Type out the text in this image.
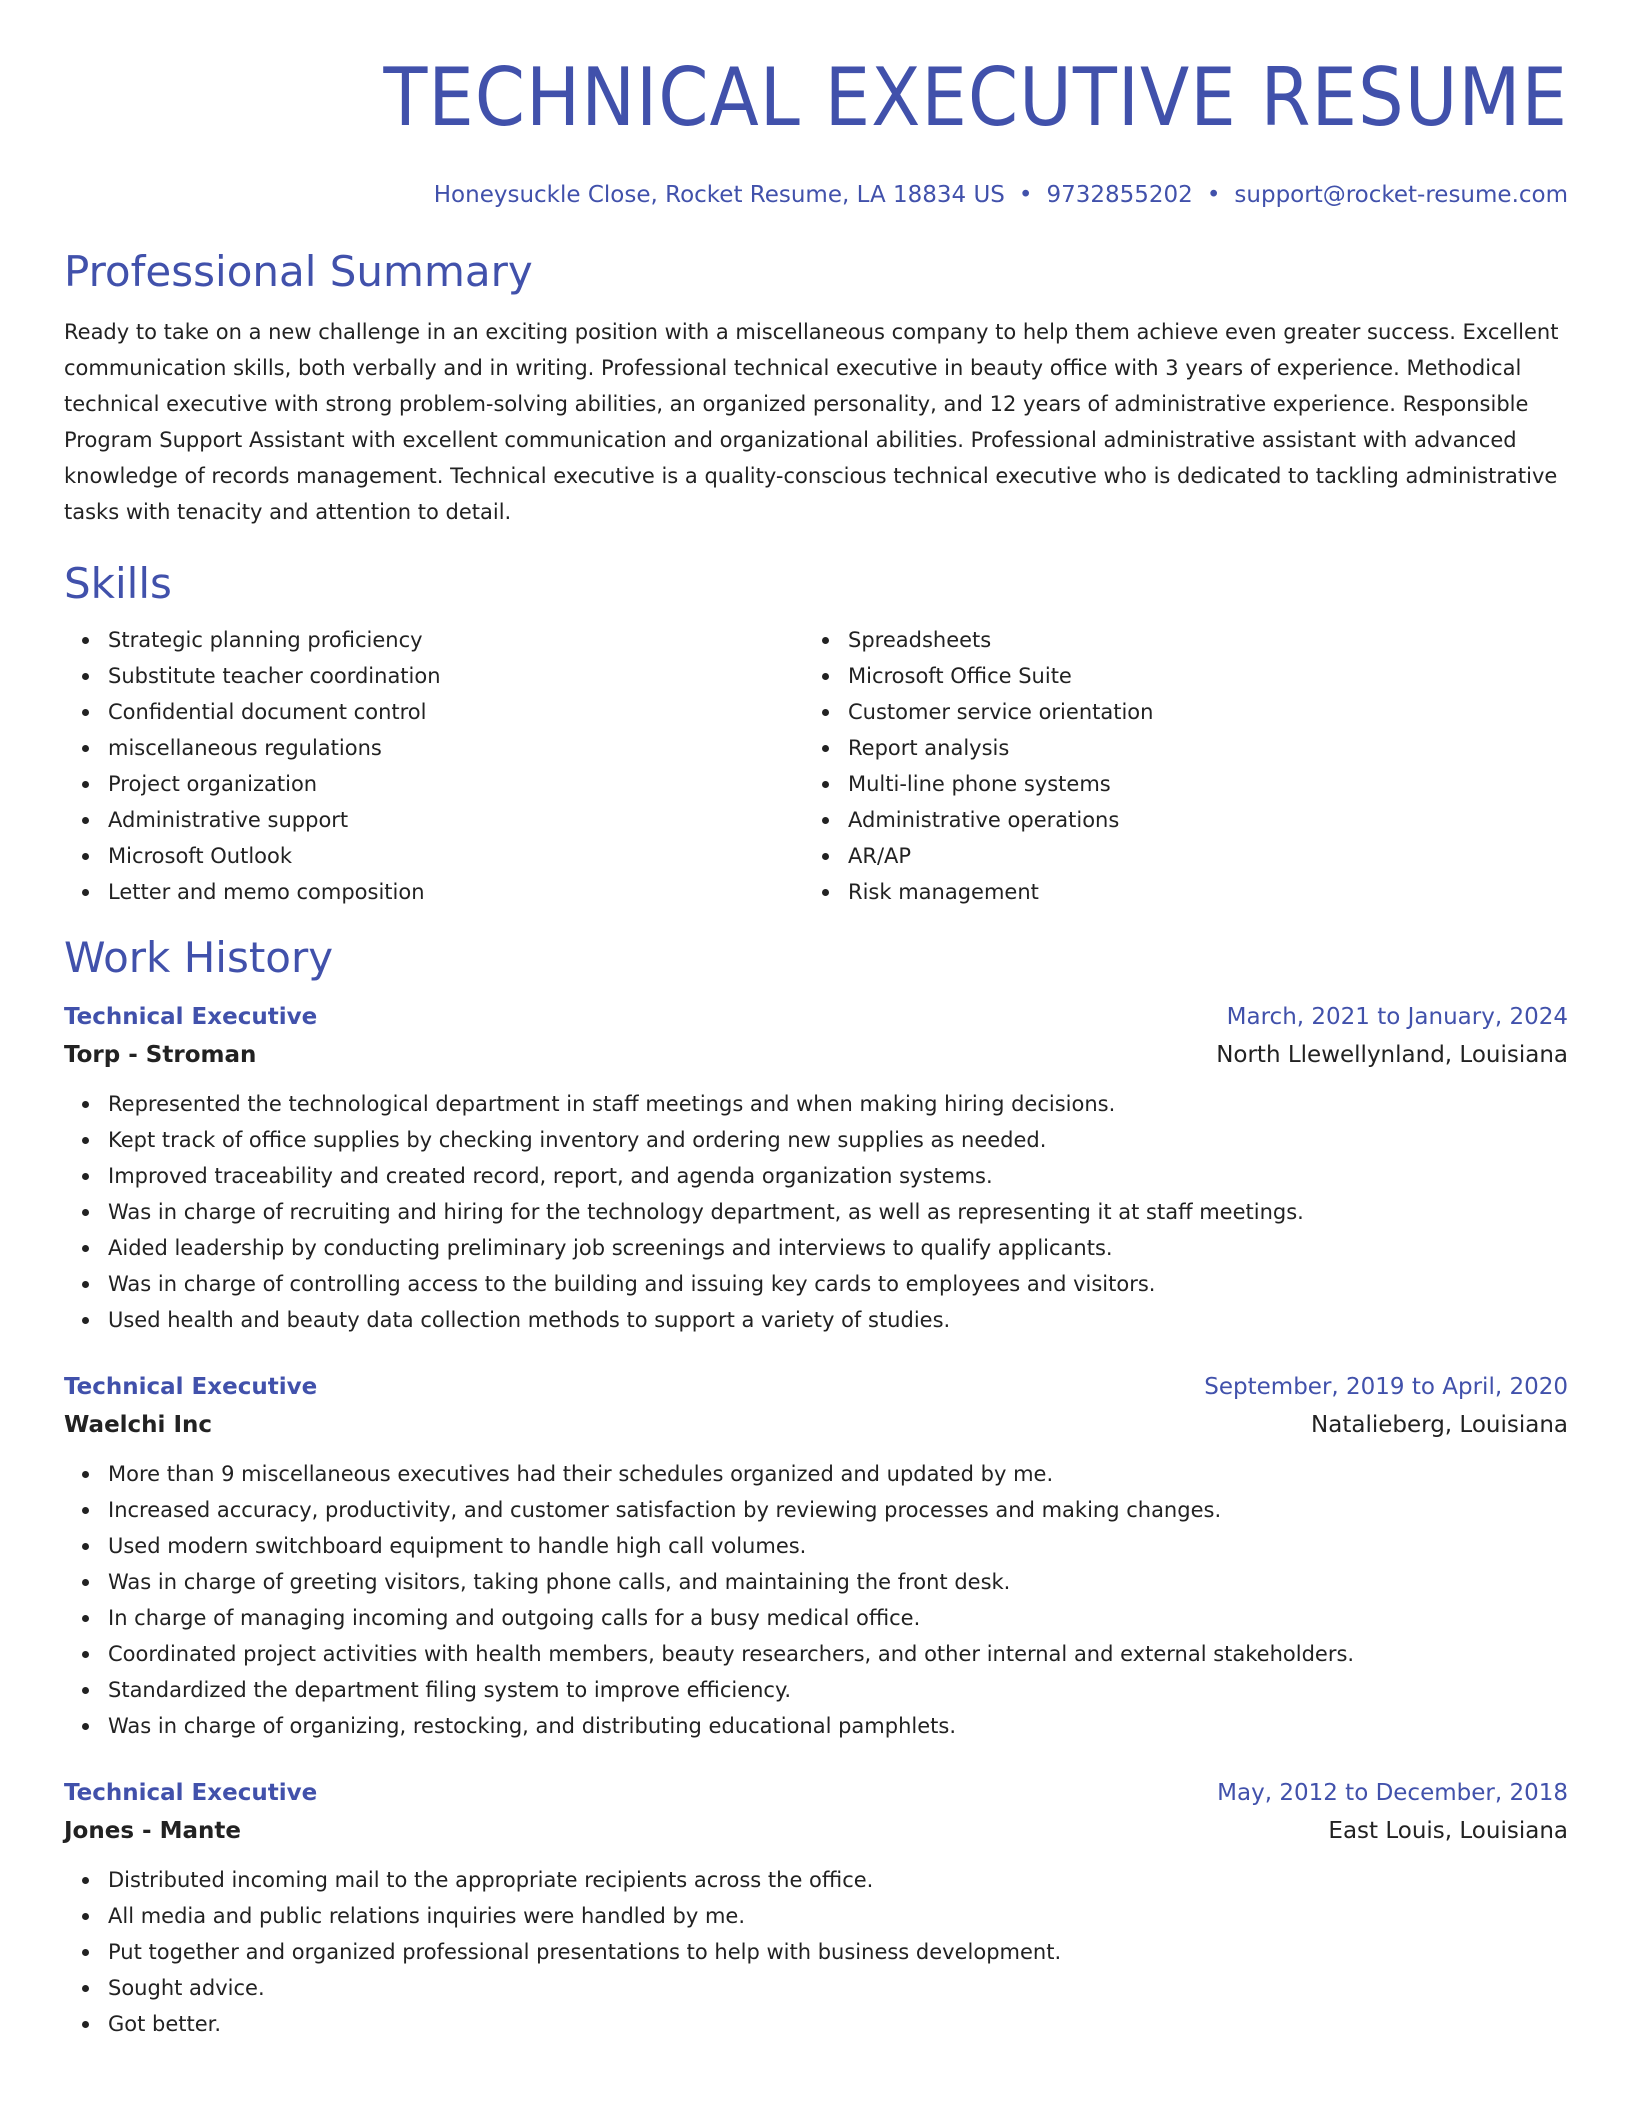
TECHNICAL EXECUTIVE RESUME
Honeysuckle Close, Rocket Resume, LA 18834 US • 9732855202 • support@rocket-resume.com
Professional Summary

Ready to take on a new challenge in an exciting position with a miscellaneous company to help them achieve even greater success. Excellent communication skills, both verbally and in writing. Professional technical executive in beauty office with 3 years of experience. Methodical technical executive with strong problem-solving abilities, an organized personality, and 12 years of administrative experience. Responsible Program Support Assistant with excellent communication and organizational abilities. Professional administrative assistant with advanced knowledge of records management. Technical executive is a quality-conscious technical executive who is dedicated to tackling administrative tasks with tenacity and attention to detail.

Skills
Strategic planning proficiency
Substitute teacher coordination
Confidential document control
miscellaneous regulations
Project organization
Administrative support
Microsoft Outlook
Letter and memo composition
Spreadsheets
Microsoft Office Suite
Customer service orientation
Report analysis
Multi-line phone systems
Administrative operations
AR/AP
Risk management
Work History
Technical Executive	March, 2021 to January, 2024
Torp - Stroman	North Llewellynland, Louisiana
Represented the technological department in staff meetings and when making hiring decisions.
Kept track of office supplies by checking inventory and ordering new supplies as needed.
Improved traceability and created record, report, and agenda organization systems.
Was in charge of recruiting and hiring for the technology department, as well as representing it at staff meetings.
Aided leadership by conducting preliminary job screenings and interviews to qualify applicants.
Was in charge of controlling access to the building and issuing key cards to employees and visitors.
Used health and beauty data collection methods to support a variety of studies.
Technical Executive	September, 2019 to April, 2020
Waelchi Inc	Natalieberg, Louisiana
More than 9 miscellaneous executives had their schedules organized and updated by me.
Increased accuracy, productivity, and customer satisfaction by reviewing processes and making changes.
Used modern switchboard equipment to handle high call volumes.
Was in charge of greeting visitors, taking phone calls, and maintaining the front desk.
In charge of managing incoming and outgoing calls for a busy medical office.
Coordinated project activities with health members, beauty researchers, and other internal and external stakeholders.
Standardized the department filing system to improve efficiency.
Was in charge of organizing, restocking, and distributing educational pamphlets.
Technical Executive	May, 2012 to December, 2018
Jones - Mante	East Louis, Louisiana
Distributed incoming mail to the appropriate recipients across the office.
All media and public relations inquiries were handled by me.
Put together and organized professional presentations to help with business development.
Sought advice.
Got better.
